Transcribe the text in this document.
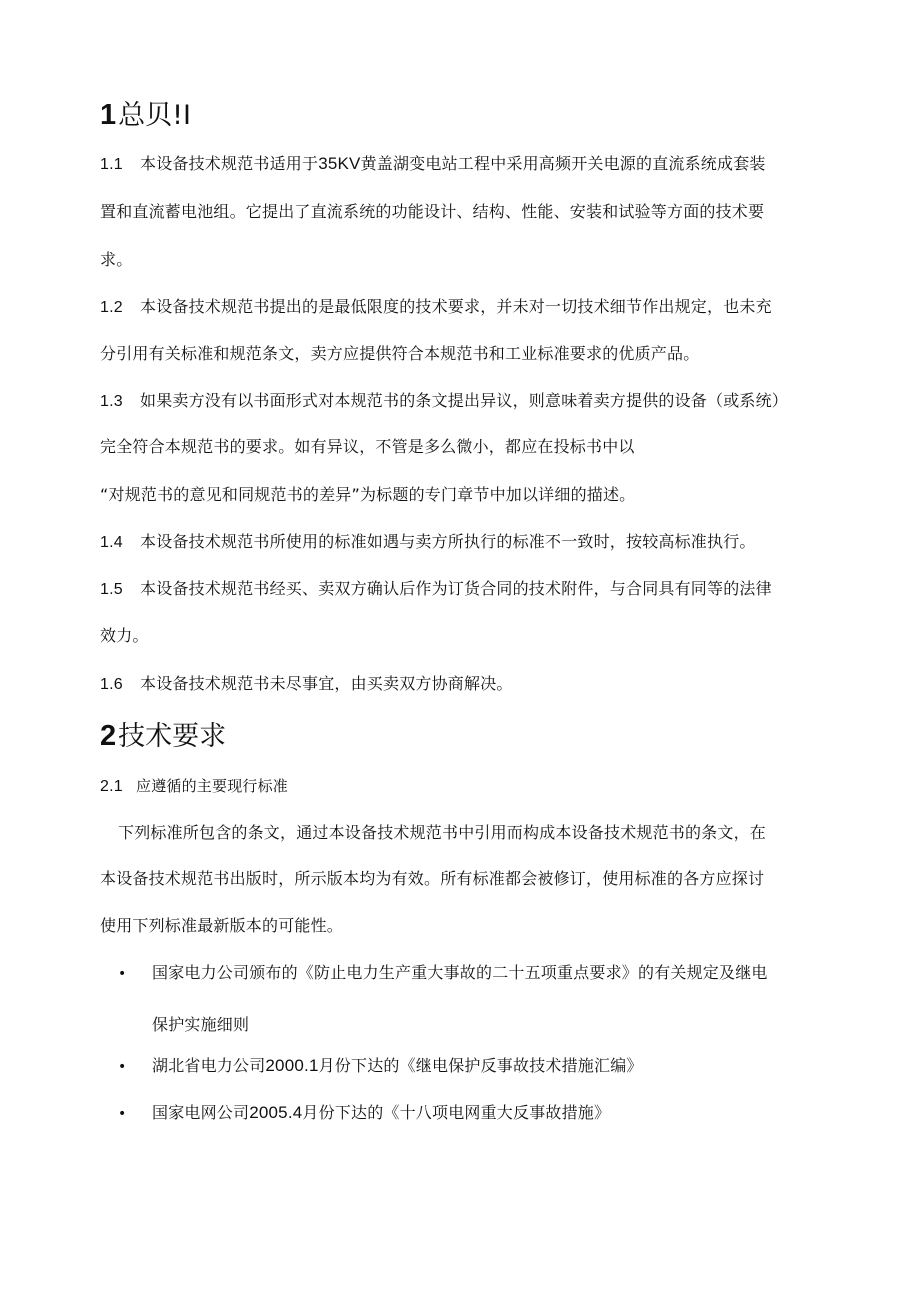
1总贝!I
1.1 本设备技术规范书适用于35KV黄盖湖变电站工程中采用高频开关电源的直流系统成套装
置和直流蓄电池组。它提出了直流系统的功能设计、结构、性能、安装和试验等方面的技术要
求。
1.2 本设备技术规范书提出的是最低限度的技术要求，并未对一切技术细节作出规定，也未充
分引用有关标准和规范条文，卖方应提供符合本规范书和工业标准要求的优质产品。
1.3 如果卖方没有以书面形式对本规范书的条文提出异议，则意味着卖方提供的设备（或系统）
完全符合本规范书的要求。如有异议，不管是多么微小，都应在投标书中以
“对规范书的意见和同规范书的差异”为标题的专门章节中加以详细的描述。
1.4 本设备技术规范书所使用的标准如遇与卖方所执行的标准不一致时，按较高标准执行。
1.5 本设备技术规范书经买、卖双方确认后作为订货合同的技术附件，与合同具有同等的法律
效力。
1.6 本设备技术规范书未尽事宜，由买卖双方协商解决。
2技术要求
2.1 应遵循的主要现行标准
下列标准所包含的条文，通过本设备技术规范书中引用而构成本设备技术规范书的条文，在
本设备技术规范书出版时，所示版本均为有效。所有标准都会被修订，使用标准的各方应探讨
使用下列标准最新版本的可能性。
• 国家电力公司颁布的《防止电力生产重大事故的二十五项重点要求》的有关规定及继电
保护实施细则
• 湖北省电力公司2000.1月份下达的《继电保护反事故技术措施汇编》
• 国家电网公司2005.4月份下达的《十八项电网重大反事故措施》
